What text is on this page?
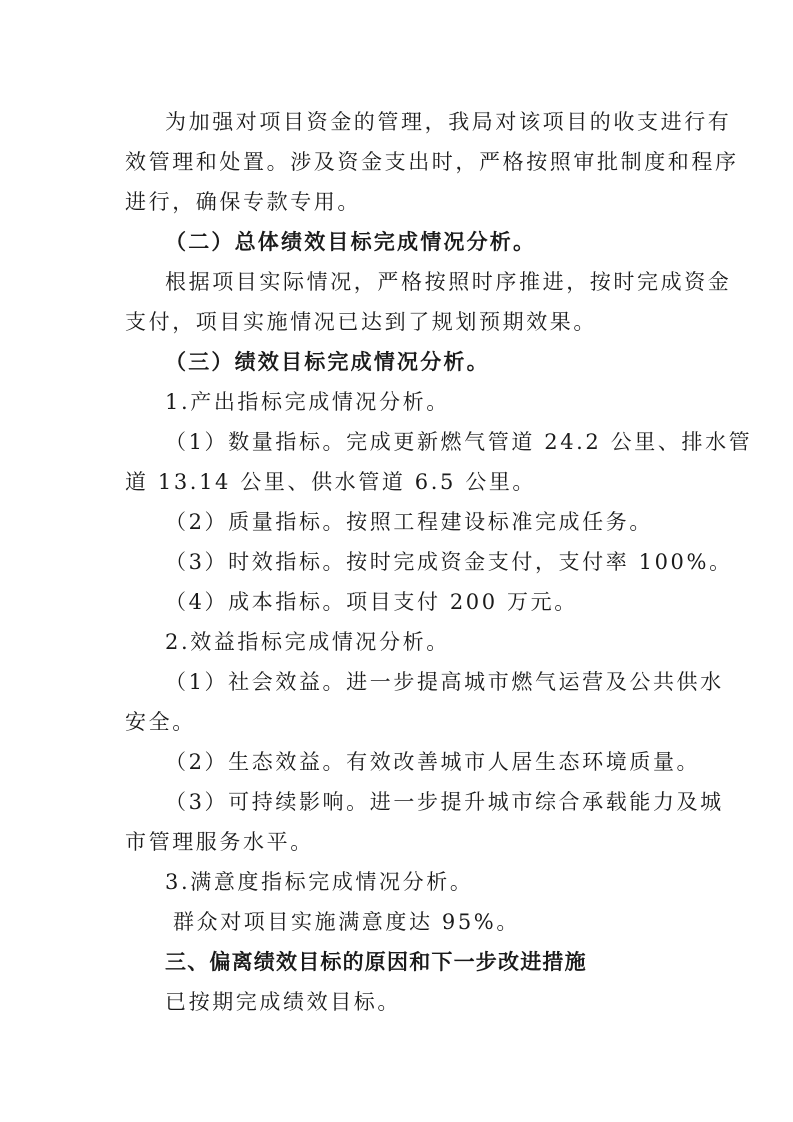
为加强对项目资金的管理，我局对该项目的收支进行有
效管理和处置。涉及资金支出时，严格按照审批制度和程序
进行，确保专款专用。
（二）总体绩效目标完成情况分析。
根据项目实际情况，严格按照时序推进，按时完成资金
支付，项目实施情况已达到了规划预期效果。
（三）绩效目标完成情况分析。
1.产出指标完成情况分析。
（1）数量指标。完成更新燃气管道 24.2 公里、排水管
道 13.14 公里、供水管道 6.5 公里。
（2）质量指标。按照工程建设标准完成任务。
（3）时效指标。按时完成资金支付，支付率 100%。
（4）成本指标。项目支付 200 万元。
2.效益指标完成情况分析。
（1）社会效益。进一步提高城市燃气运营及公共供水
安全。
（2）生态效益。有效改善城市人居生态环境质量。
（3）可持续影响。进一步提升城市综合承载能力及城
市管理服务水平。
3.满意度指标完成情况分析。
群众对项目实施满意度达 95%。
三、偏离绩效目标的原因和下一步改进措施
已按期完成绩效目标。
